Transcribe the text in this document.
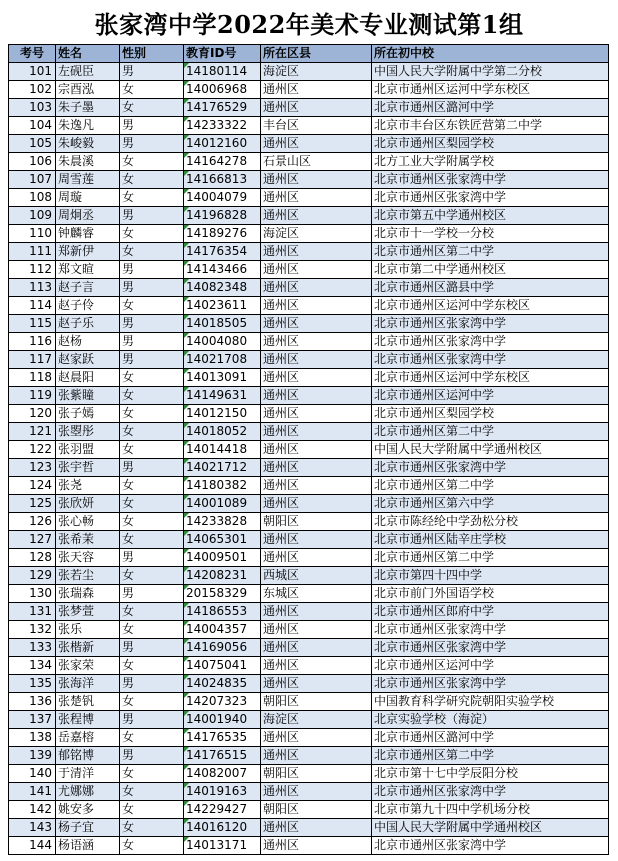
张家湾中学2022年美术专业测试第1组
考号	姓名	性别	教育ID号	所在区县	所在初中校
101	左砚臣	男	14180114	海淀区	中国人民大学附属中学第二分校
102	宗酉泓	女	14006968	通州区	北京市通州区运河中学东校区
103	朱子墨	女	14176529	通州区	北京市通州区潞河中学
104	朱逸凡	男	14233322	丰台区	北京市丰台区东铁匠营第二中学
105	朱峻毅	男	14012160	通州区	北京市通州区梨园学校
106	朱晨溪	女	14164278	石景山区	北方工业大学附属学校
107	周雪莲	女	14166813	通州区	北京市通州区张家湾中学
108	周璇	女	14004079	通州区	北京市通州区张家湾中学
109	周炯丞	男	14196828	通州区	北京市第五中学通州校区
110	钟麟睿	女	14189276	海淀区	北京市十一学校一分校
111	郑新伊	女	14176354	通州区	北京市通州区第二中学
112	郑文暄	男	14143466	通州区	北京市第二中学通州校区
113	赵子言	男	14082348	通州区	北京市通州区潞县中学
114	赵子伶	女	14023611	通州区	北京市通州区运河中学东校区
115	赵子乐	男	14018505	通州区	北京市通州区张家湾中学
116	赵杨	男	14004080	通州区	北京市通州区张家湾中学
117	赵家跃	男	14021708	通州区	北京市通州区张家湾中学
118	赵晨阳	女	14013091	通州区	北京市通州区运河中学东校区
119	张紫瞳	女	14149631	通州区	北京市通州区运河中学
120	张子嫣	女	14012150	通州区	北京市通州区梨园学校
121	张曌彤	女	14018052	通州区	北京市通州区第二中学
122	张羽盟	女	14014418	通州区	中国人民大学附属中学通州校区
123	张宇哲	男	14021712	通州区	北京市通州区张家湾中学
124	张尧	女	14180382	通州区	北京市通州区第二中学
125	张欣妍	女	14001089	通州区	北京市通州区第六中学
126	张心畅	女	14233828	朝阳区	北京市陈经纶中学劲松分校
127	张希茉	女	14065301	通州区	北京市通州区陆辛庄学校
128	张天容	男	14009501	通州区	北京市通州区第二中学
129	张若尘	女	14208231	西城区	北京市第四十四中学
130	张瑞森	男	20158329	东城区	北京市前门外国语学校
131	张梦萱	女	14186553	通州区	北京市通州区郎府中学
132	张乐	女	14004357	通州区	北京市通州区张家湾中学
133	张楷新	男	14169056	通州区	北京市通州区张家湾中学
134	张家荣	女	14075041	通州区	北京市通州区运河中学
135	张海洋	男	14024835	通州区	北京市通州区张家湾中学
136	张楚钒	女	14207323	朝阳区	中国教育科学研究院朝阳实验学校
137	张程博	男	14001940	海淀区	北京实验学校（海淀）
138	岳嘉榕	女	14176535	通州区	北京市通州区潞河中学
139	郁铭博	男	14176515	通州区	北京市通州区第二中学
140	于清洋	女	14082007	朝阳区	北京市第十七中学辰阳分校
141	尤娜娜	女	14019163	通州区	北京市通州区张家湾中学
142	姚安多	女	14229427	朝阳区	北京市第九十四中学机场分校
143	杨子宜	女	14016120	通州区	中国人民大学附属中学通州校区
144	杨语涵	女	14013171	通州区	北京市通州区张家湾中学
